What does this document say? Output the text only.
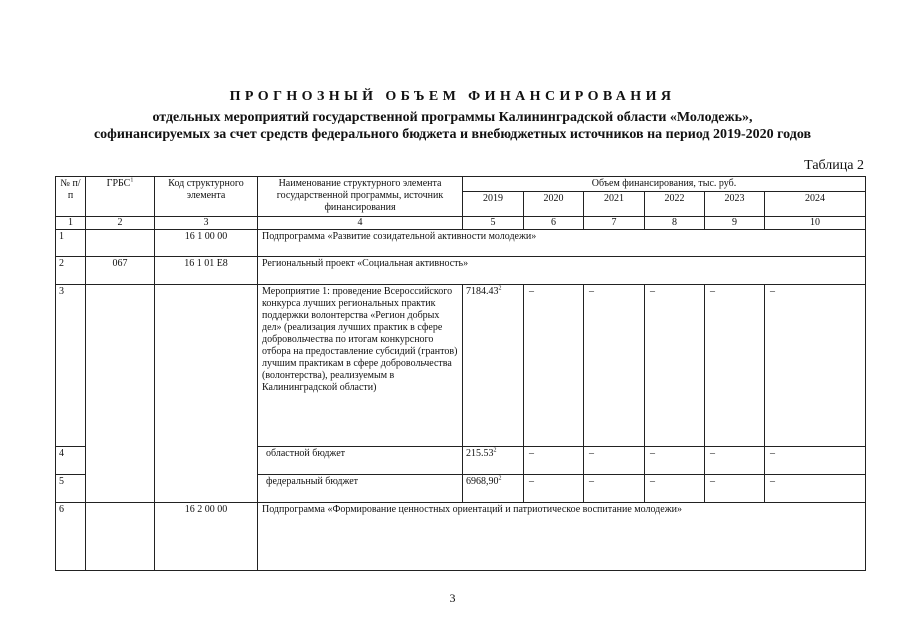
ПРОГНОЗНЫЙ ОБЪЕМ ФИНАНСИРОВАНИЯ
отдельных мероприятий государственной программы Калининградской области «Молодежь»,
софинансируемых за счет средств федерального бюджета и внебюджетных источников на период 2019-2020 годов
Таблица 2
№ п/п	ГРБС$^1$	Код структурного элемента	Наименование структурного элемента государственной программы, источник финансирования	Объем финансирования, тыс. руб.					
				2019	2020	2021	2022	2023	2024
1	2	3	4	5	6	7	8	9	10
1		16 1 00 00	Подпрограмма «Развитие созидательной активности молодежи»						
2	067	16 1 01 E8	Региональный проект «Социальная активность»						
3			Мероприятие 1: проведение Всероссийского конкурса лучших региональных практик поддержки волонтерства «Регион добрых дел» (реализация лучших практик в сфере добровольчества по итогам конкурсного отбора на предоставление субсидий (грантов) лучшим практикам в сфере добровольчества (волонтерства), реализуемым в Калининградской области)	7184.43$^2$	–	–	–	–	–
4			областной бюджет	215.53$^2$	–	–	–	–	–
5			федеральный бюджет	6968,90$^2$	–	–	–	–	–
6		16 2 00 00	Подпрограмма «Формирование ценностных ориентаций и патриотическое воспитание молодежи»						
3
